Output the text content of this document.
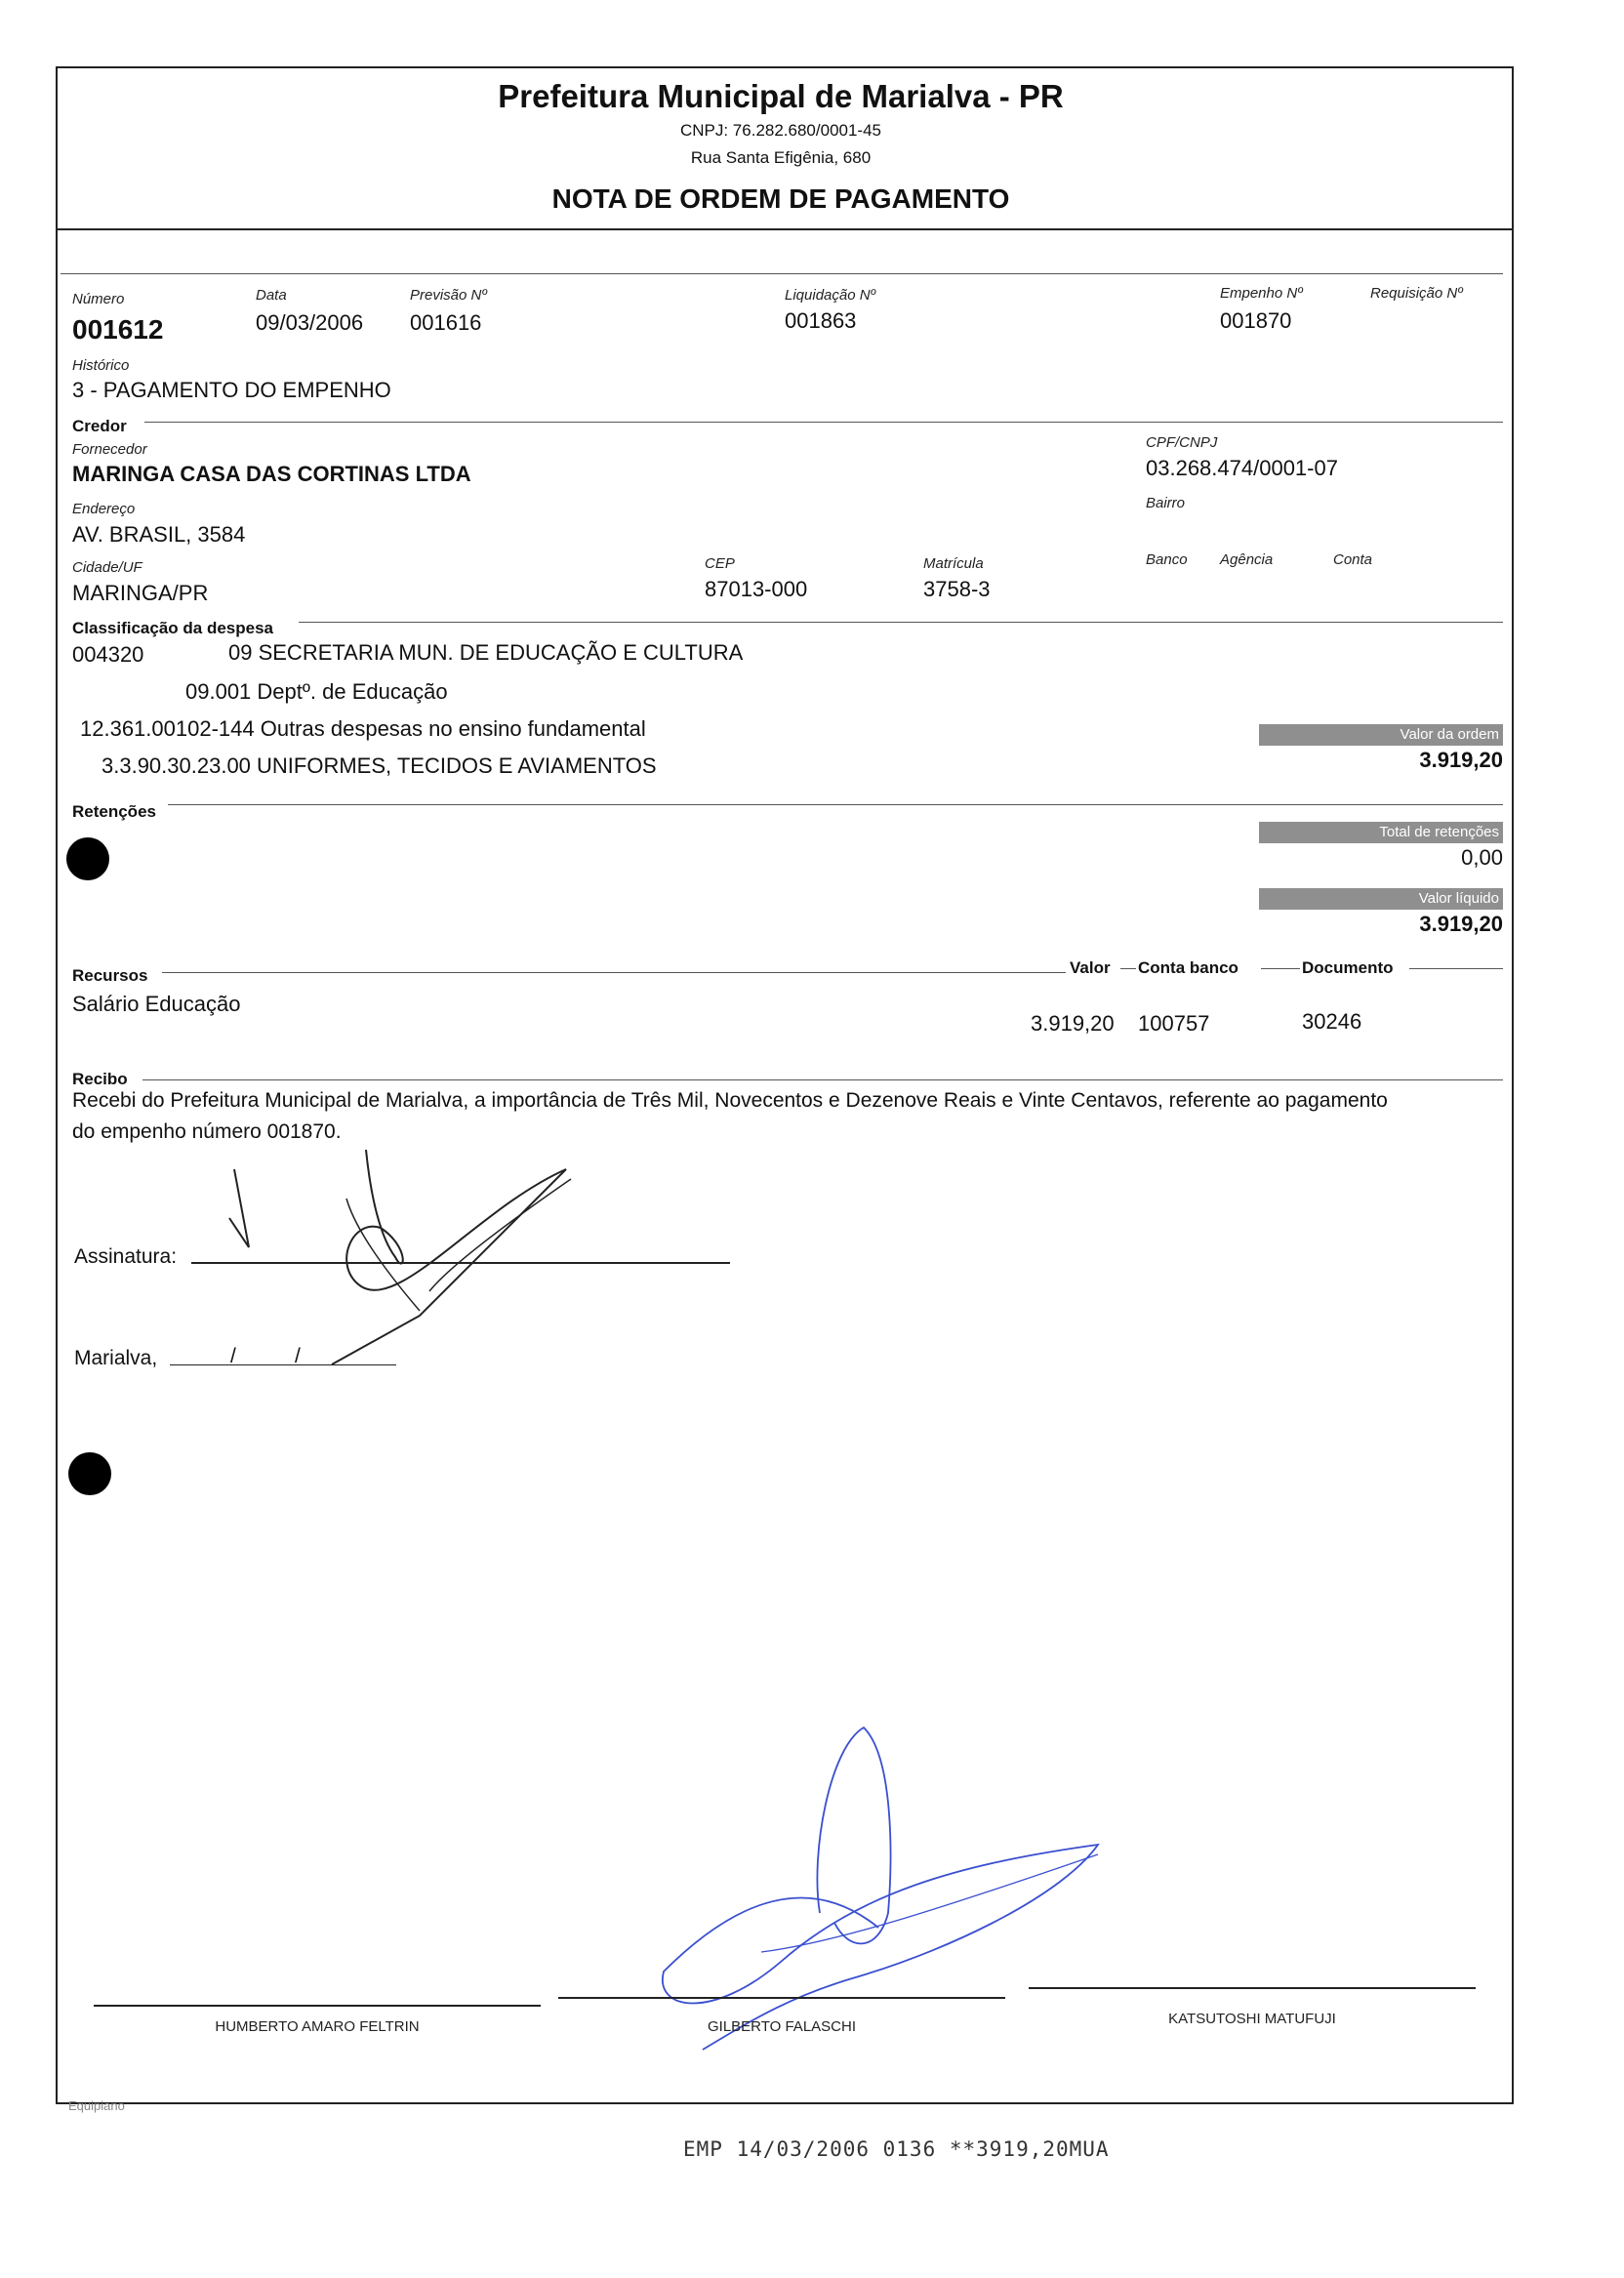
Prefeitura Municipal de Marialva - PR
CNPJ: 76.282.680/0001-45
Rua Santa Efigênia, 680
NOTA DE ORDEM DE PAGAMENTO
Número
001612
Data
09/03/2006
Previsão Nº
001616
Liquidação Nº
001863
Empenho Nº
001870
Requisição Nº
Histórico
3 - PAGAMENTO DO EMPENHO
Credor
Fornecedor
MARINGA CASA DAS CORTINAS LTDA
CPF/CNPJ
03.268.474/0001-07
Endereço
AV. BRASIL, 3584
Bairro
Cidade/UF
MARINGA/PR
CEP
87013-000
Matrícula
3758-3
Banco Agência	Conta
Classificação da despesa
004320	09 SECRETARIA MUN. DE EDUCAÇÃO E CULTURA
09.001 Deptº. de Educação
12.361.00102-144 Outras despesas no ensino fundamental
3.3.90.30.23.00 UNIFORMES, TECIDOS E AVIAMENTOS
Valor da ordem
3.919,20
Retenções
Total de retenções
0,00
Valor líquido
3.919,20
Recursos	Valor Conta banco	Documento
Salário Educação
3.919,20 100757	30246
Recibo
Recebi do Prefeitura Municipal de Marialva, a importância de Três Mil, Novecentos e Dezenove Reais e Vinte Centavos, referente ao pagamento
do empenho número 001870.
Assinatura:
Marialva,	/	/
HUMBERTO AMARO FELTRIN	GILBERTO FALASCHI	KATSUTOSHI MATUFUJI
Equipiano
EMP 14/03/2006 0136 **3919,20MUA
